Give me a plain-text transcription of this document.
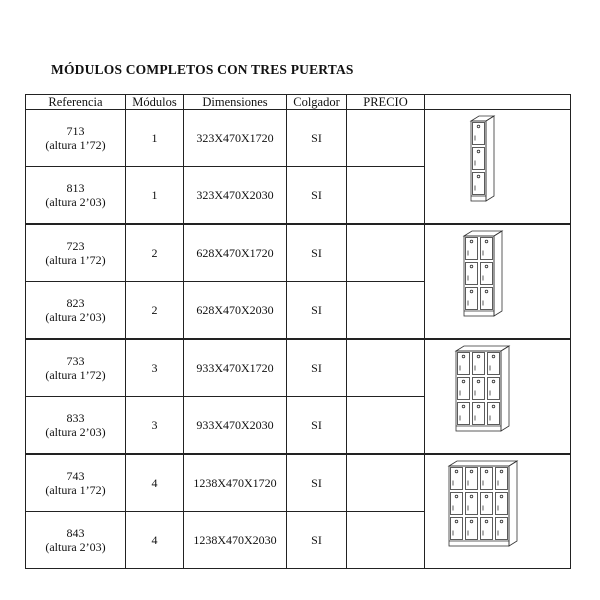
MÓDULOS COMPLETOS CON TRES PUERTAS
Referencia	Módulos	Dimensiones	Colgador	PRECIO	

713
(altura 1’72)	1	323X470X1720	SI		

813
(altura 2’03)	1	323X470X2030	SI		

723
(altura 1’72)	2	628X470X1720	SI		

823
(altura 2’03)	2	628X470X2030	SI		

733
(altura 1’72)	3	933X470X1720	SI		

833
(altura 2’03)	3	933X470X2030	SI		

743
(altura 1’72)	4	1238X470X1720	SI		

843
(altura 2’03)	4	1238X470X2030	SI		
